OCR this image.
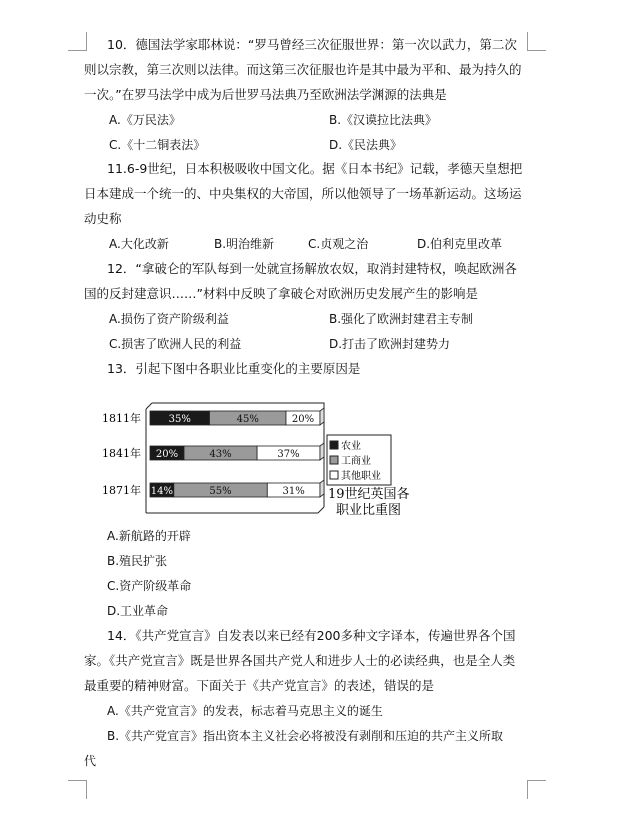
10．德国法学家耶林说：“罗马曾经三次征服世界：第一次以武力，第二次
则以宗教，第三次则以法律。而这第三次征服也许是其中最为平和、最为持久的
一次。”在罗马法学中成为后世罗马法典乃至欧洲法学渊源的法典是
A.《万民法》	B.《汉谟拉比法典》
C.《十二铜表法》	D.《民法典》
11.6-9世纪，日本积极吸收中国文化。据《日本书纪》记载，孝德天皇想把
日本建成一个统一的、中央集权的大帝国，所以他领导了一场革新运动。这场运
动史称
A.大化改新	B.明治维新	C.贞观之治	D.伯利克里改革
12．“拿破仑的军队每到一处就宣扬解放农奴，取消封建特权，唤起欧洲各
国的反封建意识……”材料中反映了拿破仑对欧洲历史发展产生的影响是
A.损伤了资产阶级利益	B.强化了欧洲封建君主专制
C.损害了欧洲人民的利益	D.打击了欧洲封建势力
13．引起下图中各职业比重变化的主要原因是
35%	45%	20%
20%	43%	37%
14%	55%	31%
1811年
1841年
1871年
农业
工商业
其他职业
19世纪英国各
职业比重图
A.新航路的开辟
B.殖民扩张
C.资产阶级革命
D.工业革命
14．《共产党宣言》自发表以来已经有200多种文字译本，传遍世界各个国
家。《共产党宣言》既是世界各国共产党人和进步人士的必读经典，也是全人类
最重要的精神财富。下面关于《共产党宣言》的表述，错误的是
A.《共产党宣言》的发表，标志着马克思主义的诞生
B.《共产党宣言》指出资本主义社会必将被没有剥削和压迫的共产主义所取
代
